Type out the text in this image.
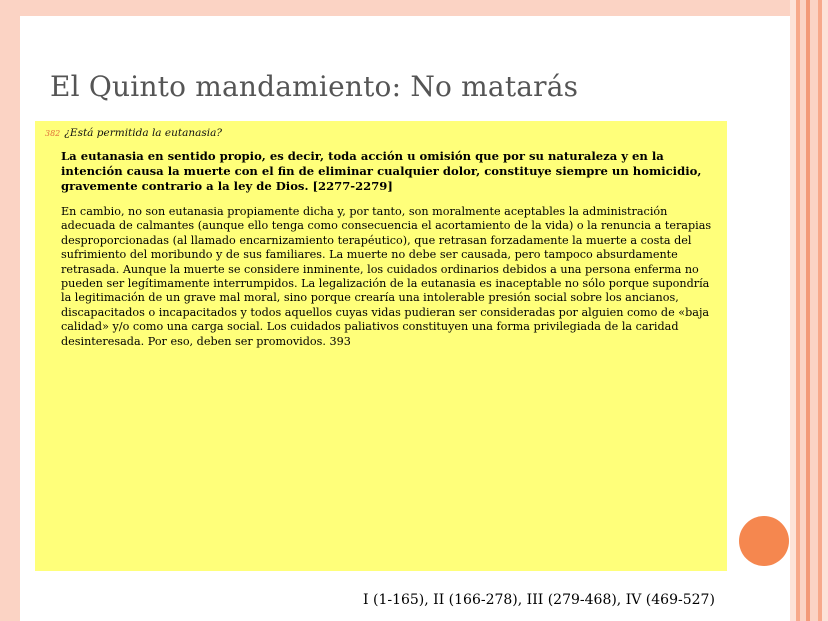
El Quinto mandamiento: No matarás
382 ¿Está permitida la eutanasia?

La eutanasia en sentido propio, es decir, toda acción u omisión que por su naturaleza y en la intención causa la muerte con el fin de eliminar cualquier dolor, constituye siempre un homicidio, gravemente contrario a la ley de Dios. [2277-2279]

En cambio, no son eutanasia propiamente dicha y, por tanto, son moralmente aceptables la administración adecuada de calmantes (aunque ello tenga como consecuencia el acortamiento de la vida) o la renuncia a terapias desproporcionadas (al llamado encarnizamiento terapéutico), que retrasan forzadamente la muerte a costa del sufrimiento del moribundo y de sus familiares. La muerte no debe ser causada, pero tampoco absurdamente retrasada. Aunque la muerte se considere inminente, los cuidados ordinarios debidos a una persona enferma no pueden ser legítimamente interrumpidos. La legalización de la eutanasia es inaceptable no sólo porque supondría la legitimación de un grave mal moral, sino porque crearía una intolerable presión social sobre los ancianos, discapacitados o incapacitados y todos aquellos cuyas vidas pudieran ser consideradas por alguien como de «baja calidad» y/o como una carga social. Los cuidados paliativos constituyen una forma privilegiada de la caridad desinteresada. Por eso, deben ser promovidos. 393

I (1-165), II (166-278), III (279-468), IV (469-527)
